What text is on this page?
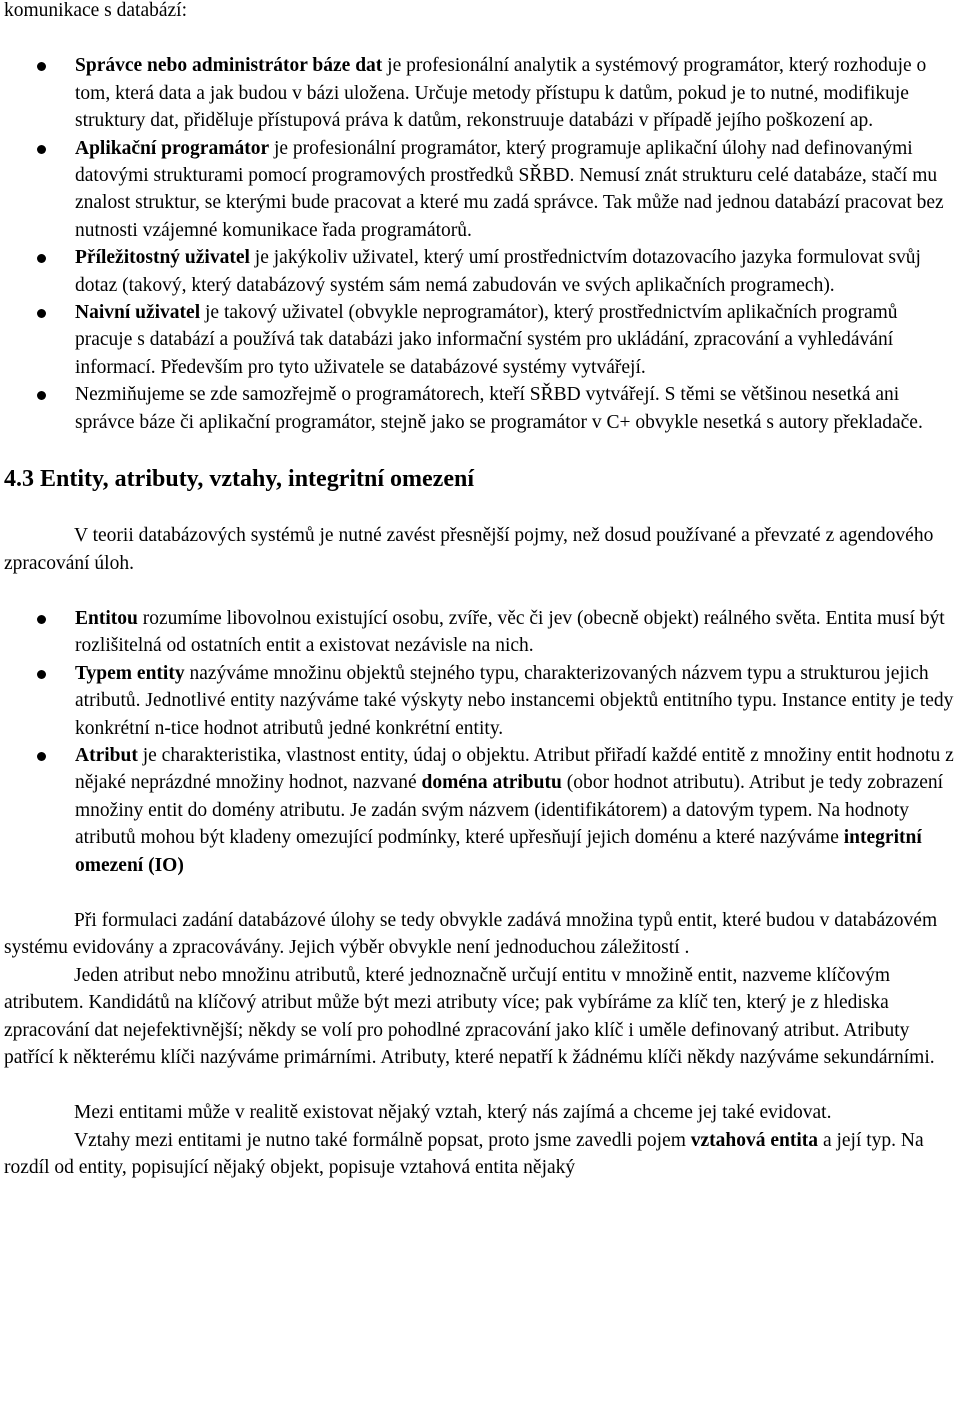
komunikace s databází:

Správce nebo administrátor báze dat je profesionální analytik a systémový programátor, který rozhoduje o tom, která data a jak budou v bázi uložena. Určuje metody přístupu k datům, pokud je to nutné, modifikuje struktury dat, přiděluje přístupová práva k datům, rekonstruuje databázi v případě jejího poškození ap.
Aplikační programátor je profesionální programátor, který programuje aplikační úlohy nad definovanými datovými strukturami pomocí programových prostředků SŘBD. Nemusí znát strukturu celé databáze, stačí mu znalost struktur, se kterými bude pracovat a které mu zadá správce. Tak může nad jednou databází pracovat bez nutnosti vzájemné komunikace řada programátorů.
Příležitostný uživatel je jakýkoliv uživatel, který umí prostřednictvím dotazovacího jazyka formulovat svůj dotaz (takový, který databázový systém sám nemá zabudován ve svých aplikačních programech).
Naivní uživatel je takový uživatel (obvykle neprogramátor), který prostřednictvím aplikačních programů pracuje s databází a používá tak databázi jako informační systém pro ukládání, zpracování a vyhledávání informací. Především pro tyto uživatele se databázové systémy vytvářejí.
Nezmiňujeme se zde samozřejmě o programátorech, kteří SŘBD vytvářejí. S těmi se většinou nesetká ani správce báze či aplikační programátor, stejně jako se programátor v C+ obvykle nesetká s autory překladače.
4.3 Entity, atributy, vztahy, integritní omezení

V teorii databázových systémů je nutné zavést přesnější pojmy, než dosud používané a převzaté z agendového zpracování úloh.

Entitou rozumíme libovolnou existující osobu, zvíře, věc či jev (obecně objekt) reálného světa. Entita musí být rozlišitelná od ostatních entit a existovat nezávisle na nich.
Typem entity nazýváme množinu objektů stejného typu, charakterizovaných názvem typu a strukturou jejich atributů. Jednotlivé entity nazýváme také výskyty nebo instancemi objektů entitního typu. Instance entity je tedy konkrétní n-tice hodnot atributů jedné konkrétní entity.
Atribut je charakteristika, vlastnost entity, údaj o objektu. Atribut přiřadí každé entitě z množiny entit hodnotu z nějaké neprázdné množiny hodnot, nazvané doména atributu (obor hodnot atributu). Atribut je tedy zobrazení množiny entit do domény atributu. Je zadán svým názvem (identifikátorem) a datovým typem. Na hodnoty atributů mohou být kladeny omezující podmínky, které upřesňují jejich doménu a které nazýváme integritní omezení (IO)

Při formulaci zadání databázové úlohy se tedy obvykle zadává množina typů entit, které budou v databázovém systému evidovány a zpracovávány. Jejich výběr obvykle není jednoduchou záležitostí .

Jeden atribut nebo množinu atributů, které jednoznačně určují entitu v množině entit, nazveme klíčovým atributem. Kandidátů na klíčový atribut může být mezi atributy více; pak vybíráme za klíč ten, který je z hlediska zpracování dat nejefektivnější; někdy se volí pro pohodlné zpracování jako klíč i uměle definovaný atribut. Atributy patřící k některému klíči nazýváme primárními. Atributy, které nepatří k žádnému klíči někdy nazýváme sekundárními.

Mezi entitami může v realitě existovat nějaký vztah, který nás zajímá a chceme jej také evidovat.

Vztahy mezi entitami je nutno také formálně popsat, proto jsme zavedli pojem vztahová entita a její typ. Na rozdíl od entity, popisující nějaký objekt, popisuje vztahová entita nějaký
